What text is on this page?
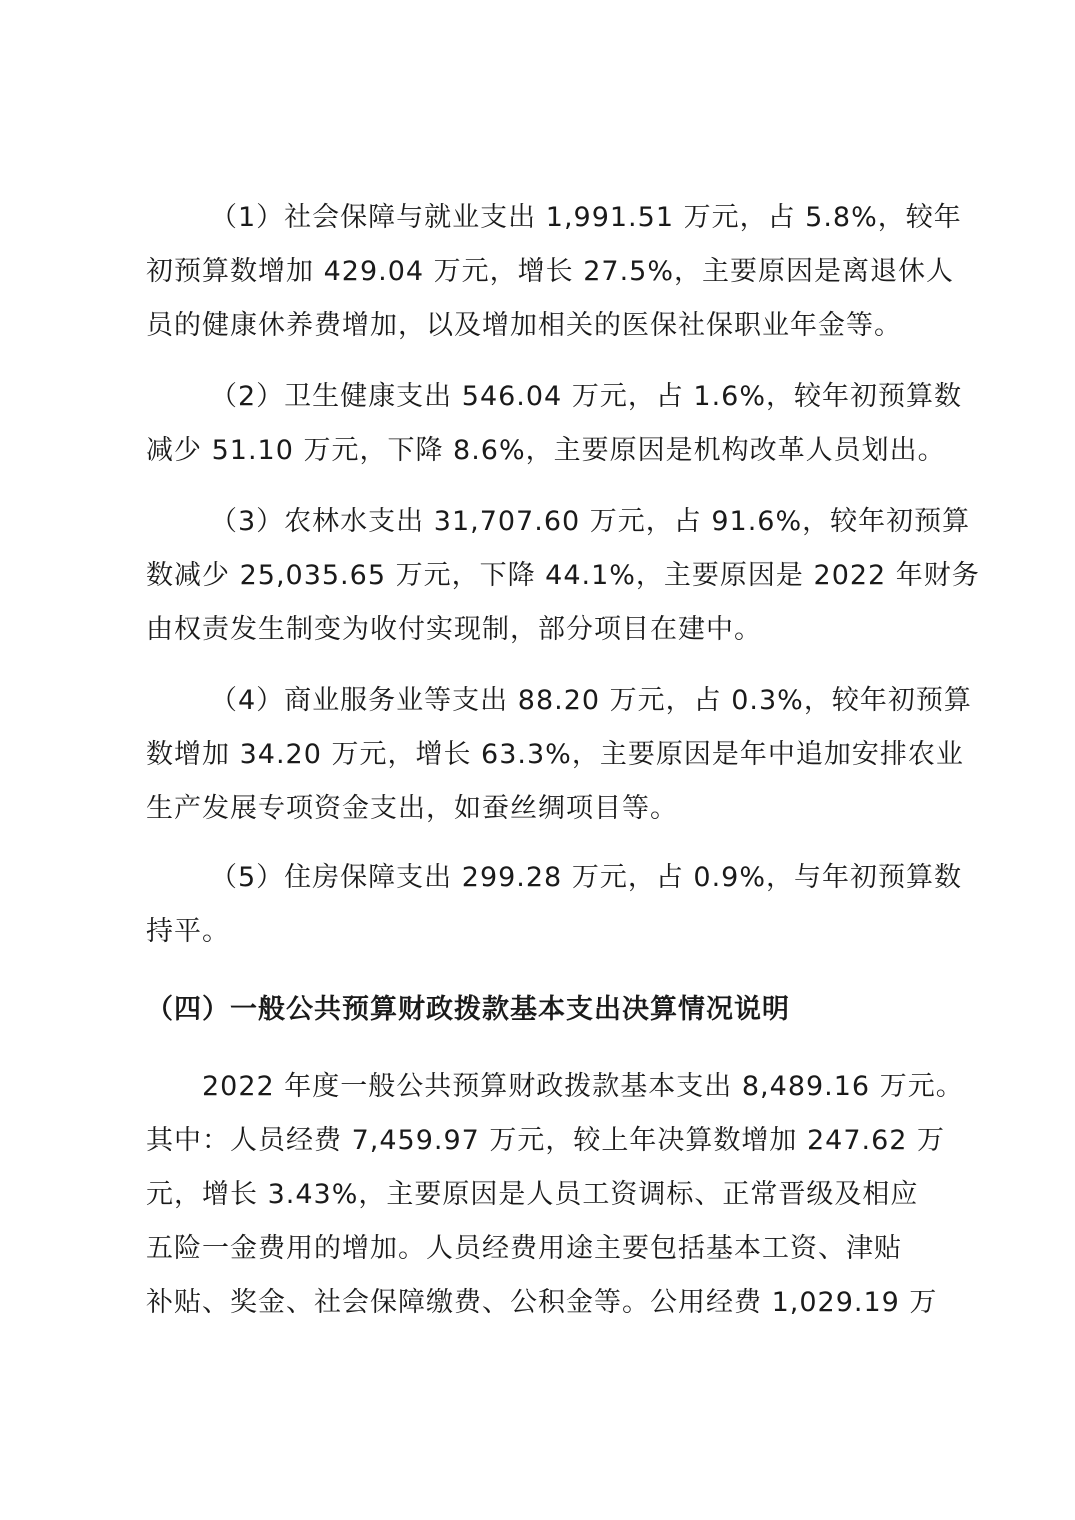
（1）社会保障与就业支出 1,991.51 万元，占 5.8%，较年
初预算数增加 429.04 万元，增长 27.5%，主要原因是离退休人
员的健康休养费增加，以及增加相关的医保社保职业年金等。
（2）卫生健康支出 546.04 万元，占 1.6%，较年初预算数
减少 51.10 万元，下降 8.6%，主要原因是机构改革人员划出。
（3）农林水支出 31,707.60 万元，占 91.6%，较年初预算
数减少 25,035.65 万元，下降 44.1%，主要原因是 2022 年财务
由权责发生制变为收付实现制，部分项目在建中。
（4）商业服务业等支出 88.20 万元，占 0.3%，较年初预算
数增加 34.20 万元，增长 63.3%，主要原因是年中追加安排农业
生产发展专项资金支出，如蚕丝绸项目等。
（5）住房保障支出 299.28 万元，占 0.9%，与年初预算数
持平。
（四）一般公共预算财政拨款基本支出决算情况说明
2022 年度一般公共预算财政拨款基本支出 8,489.16 万元。
其中：人员经费 7,459.97 万元，较上年决算数增加 247.62 万
元，增长 3.43%，主要原因是人员工资调标、正常晋级及相应
五险一金费用的增加。人员经费用途主要包括基本工资、津贴
补贴、奖金、社会保障缴费、公积金等。公用经费 1,029.19 万
